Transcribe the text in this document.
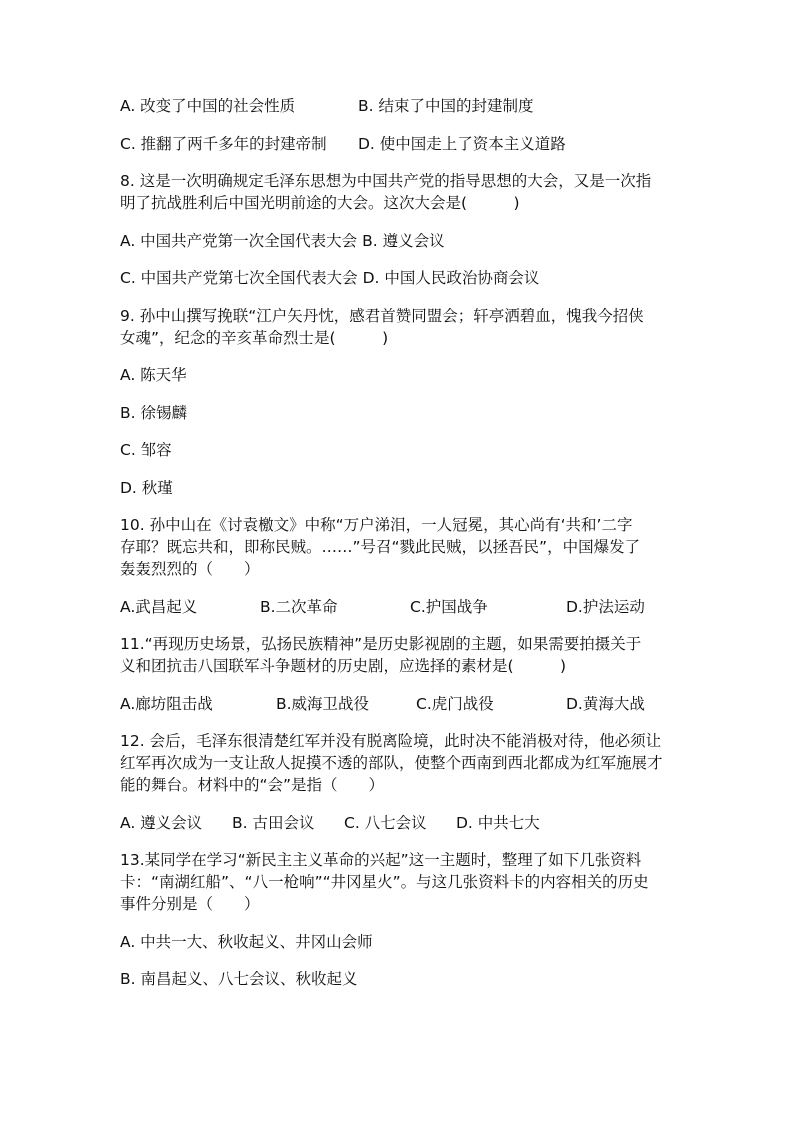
A. 改变了中国的社会性质	B. 结束了中国的封建制度
C. 推翻了两千多年的封建帝制	D. 使中国走上了资本主义道路
8. 这是一次明确规定毛泽东思想为中国共产党的指导思想的大会，又是一次指
明了抗战胜利后中国光明前途的大会。这次大会是(　　　)
A. 中国共产党第一次全国代表大会 B. 遵义会议
C. 中国共产党第七次全国代表大会 D. 中国人民政治协商会议
9. 孙中山撰写挽联“江户矢丹忱，感君首赞同盟会；轩亭洒碧血，愧我今招侠
女魂”，纪念的辛亥革命烈士是(　　　)
A. 陈天华
B. 徐锡麟
C. 邹容
D. 秋瑾
10. 孙中山在《讨袁檄文》中称“万户涕泪，一人冠冕，其心尚有‘共和’二字
存耶？既忘共和，即称民贼。……”号召“戮此民贼，以拯吾民”，中国爆发了
轰轰烈烈的（　　）
A.武昌起义	B.二次革命	C.护国战争	D.护法运动
11.“再现历史场景，弘扬民族精神”是历史影视剧的主题，如果需要拍摄关于
义和团抗击八国联军斗争题材的历史剧，应选择的素材是(　　　)
A.廊坊阻击战	B.威海卫战役	C.虎门战役	D.黄海大战
12. 会后，毛泽东很清楚红军并没有脱离险境，此时决不能消极对待，他必须让
红军再次成为一支让敌人捉摸不透的部队，使整个西南到西北都成为红军施展才
能的舞台。材料中的“会”是指（　　）
A. 遵义会议	B. 古田会议	C. 八七会议	D. 中共七大
13.某同学在学习“新民主主义革命的兴起”这一主题时，整理了如下几张资料
卡：“南湖红船”、“八一枪响”“井冈星火”。与这几张资料卡的内容相关的历史
事件分别是（　　）
A. 中共一大、秋收起义、井冈山会师
B. 南昌起义、八七会议、秋收起义
